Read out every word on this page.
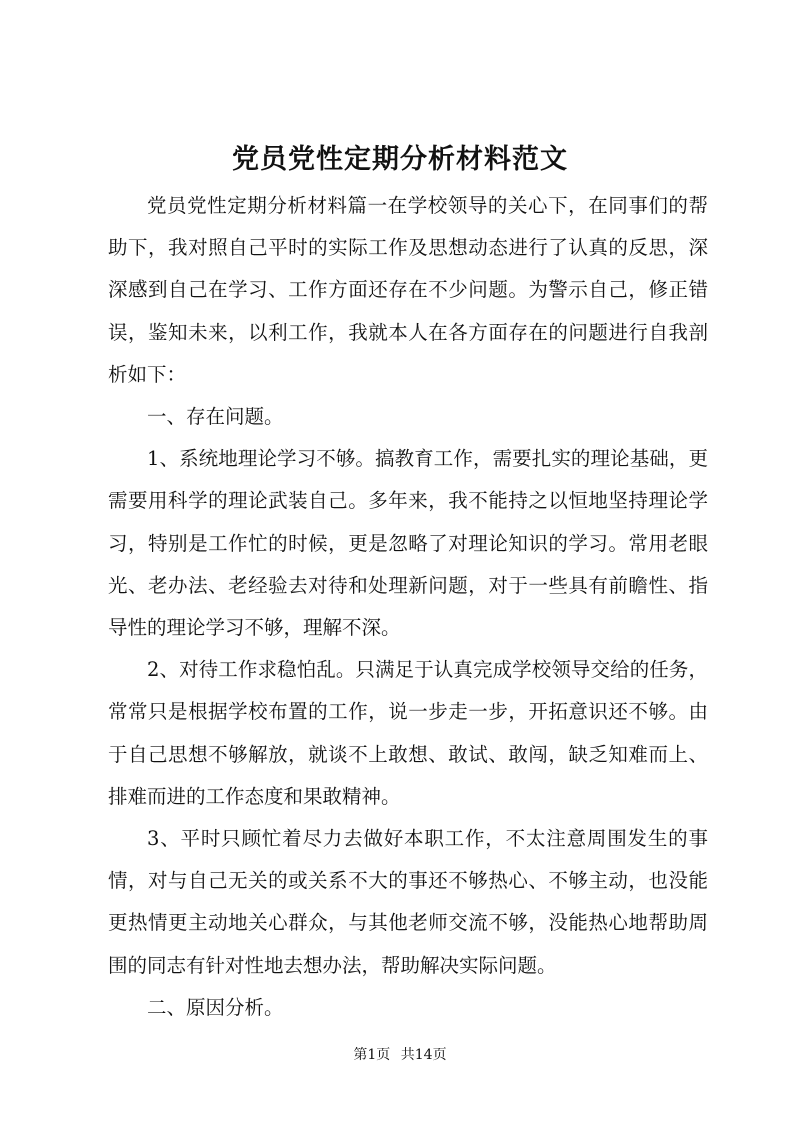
党员党性定期分析材料范文

党员党性定期分析材料篇一在学校领导的关心下，在同事们的帮助下，我对照自己平时的实际工作及思想动态进行了认真的反思，深深感到自己在学习、工作方面还存在不少问题。为警示自己，修正错误，鉴知未来，以利工作，我就本人在各方面存在的问题进行自我剖析如下：

一、存在问题。

1、系统地理论学习不够。搞教育工作，需要扎实的理论基础，更需要用科学的理论武装自己。多年来，我不能持之以恒地坚持理论学习，特别是工作忙的时候，更是忽略了对理论知识的学习。常用老眼光、老办法、老经验去对待和处理新问题，对于一些具有前瞻性、指导性的理论学习不够，理解不深。

2、对待工作求稳怕乱。只满足于认真完成学校领导交给的任务，常常只是根据学校布置的工作，说一步走一步，开拓意识还不够。由于自己思想不够解放，就谈不上敢想、敢试、敢闯，缺乏知难而上、排难而进的工作态度和果敢精神。

3、平时只顾忙着尽力去做好本职工作，不太注意周围发生的事情，对与自己无关的或关系不大的事还不够热心、不够主动，也没能更热情更主动地关心群众，与其他老师交流不够，没能热心地帮助周围的同志有针对性地去想办法，帮助解决实际问题。

二、原因分析。

第1页 共14页
